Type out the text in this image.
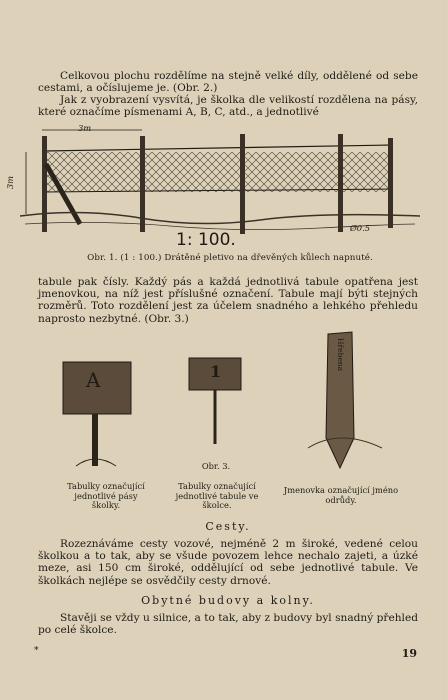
Celkovou plochu rozdělíme na stejně velké díly, oddělené od sebe cestami, a očíslujeme je. (Obr. 2.)

Jak z vyobrazení vysvítá, je školka dle velikostí rozdělena na pásy, které označíme písmenami A, B, C, atd., a jednotlivé

3m
3m
Ø0.5
1: 100.
Obr. 1. (1 : 100.) Drátěné pletivo na dřevěných kůlech napnuté.

tabule pak čísly. Každý pás a každá jednotlivá tabule opatřena jest jmenovkou, na níž jest příslušné označení. Tabule mají býti stejných rozměrů. Toto rozdělení jest za účelem snadného a lehkého přehledu naprosto nezbytné. (Obr. 3.)

A	1
Hřebena
Tabulky označující jednotlivé pásy školky.
Obr. 3.
Tabulky označující jednotlivé tabule ve školce.
Jmenovka označující jméno odrůdy.
Cesty.

Rozeznáváme cesty vozové, nejméně 2 m široké, vedené celou školkou a to tak, aby se všude povozem lehce nechalo zajeti, a úzké meze, asi 150 cm široké, oddělující od sebe jednotlivé tabule. Ve školkách nejlépe se osvědčily cesty drnové.

Obytné budovy a kolny.

Stavěji se vždy u silnice, a to tak, aby z budovy byl snadný přehled po celé školce.

*	19
